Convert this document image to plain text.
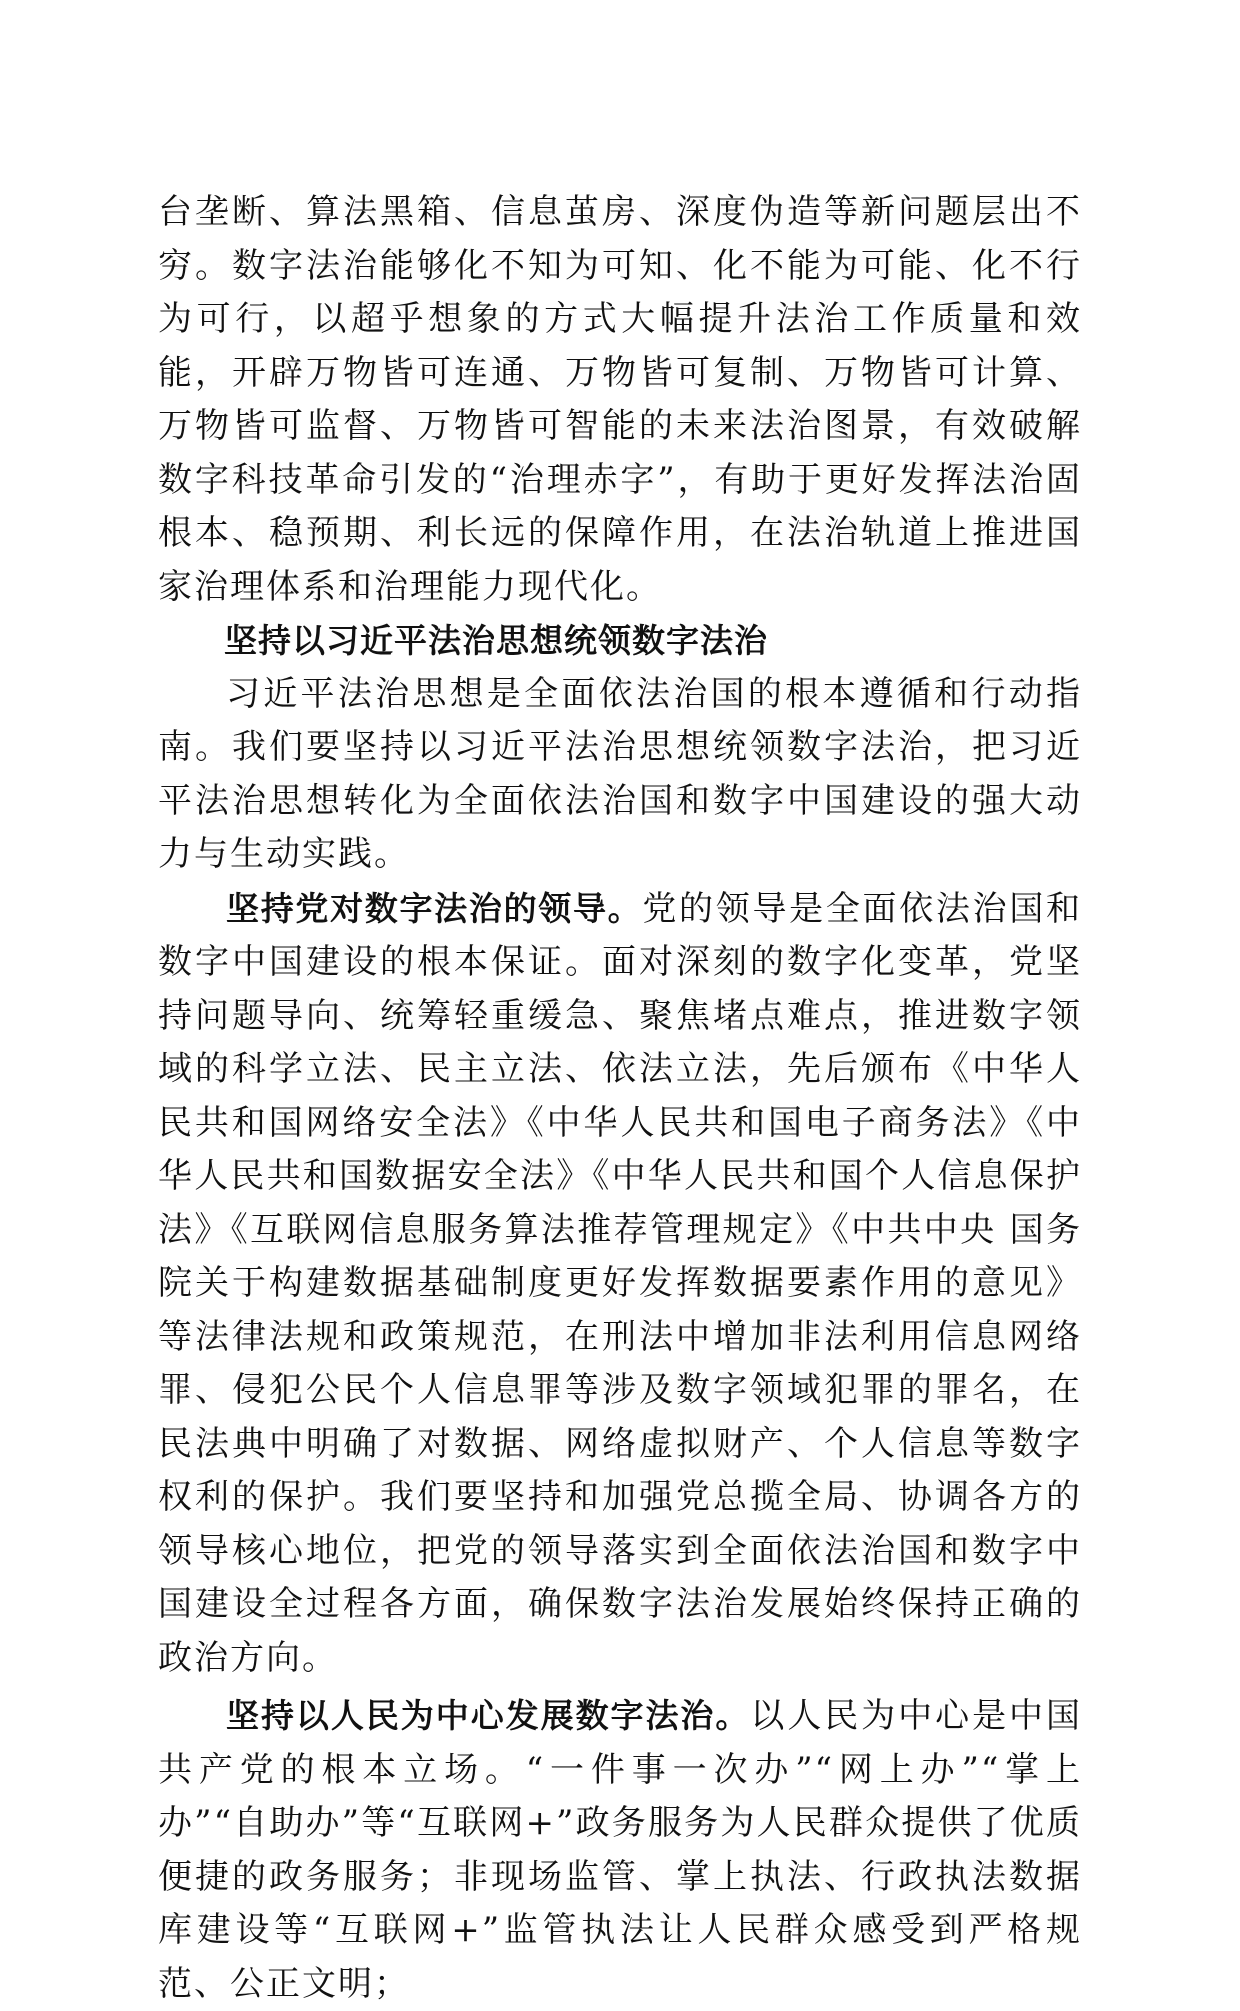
台垄断、算法黑箱、信息茧房、深度伪造等新问题层出不穷。数字法治能够化不知为可知、化不能为可能、化不行为可行，以超乎想象的方式大幅提升法治工作质量和效能，开辟万物皆可连通、万物皆可复制、万物皆可计算、万物皆可监督、万物皆可智能的未来法治图景，有效破解数字科技革命引发的“治理赤字”，有助于更好发挥法治固根本、稳预期、利长远的保障作用，在法治轨道上推进国家治理体系和治理能力现代化。

坚持以习近平法治思想统领数字法治

习近平法治思想是全面依法治国的根本遵循和行动指南。我们要坚持以习近平法治思想统领数字法治，把习近平法治思想转化为全面依法治国和数字中国建设的强大动力与生动实践。

坚持党对数字法治的领导。党的领导是全面依法治国和数字中国建设的根本保证。面对深刻的数字化变革，党坚持问题导向、统筹轻重缓急、聚焦堵点难点，推进数字领域的科学立法、民主立法、依法立法，先后颁布《中华人民共和国网络安全法》《中华人民共和国电子商务法》《中华人民共和国数据安全法》《中华人民共和国个人信息保护法》《互联网信息服务算法推荐管理规定》《中共中央 国务院关于构建数据基础制度更好发挥数据要素作用的意见》等法律法规和政策规范，在刑法中增加非法利用信息网络罪、侵犯公民个人信息罪等涉及数字领域犯罪的罪名，在民法典中明确了对数据、网络虚拟财产、个人信息等数字权利的保护。我们要坚持和加强党总揽全局、协调各方的领导核心地位，把党的领导落实到全面依法治国和数字中国建设全过程各方面，确保数字法治发展始终保持正确的政治方向。

坚持以人民为中心发展数字法治。以人民为中心是中国共产党的根本立场。“一件事一次办”“网上办”“掌上办”“自助办”等“互联网+”政务服务为人民群众提供了优质便捷的政务服务；非现场监管、掌上执法、行政执法数据库建设等“互联网+”监管执法让人民群众感受到严格规范、公正文明；
